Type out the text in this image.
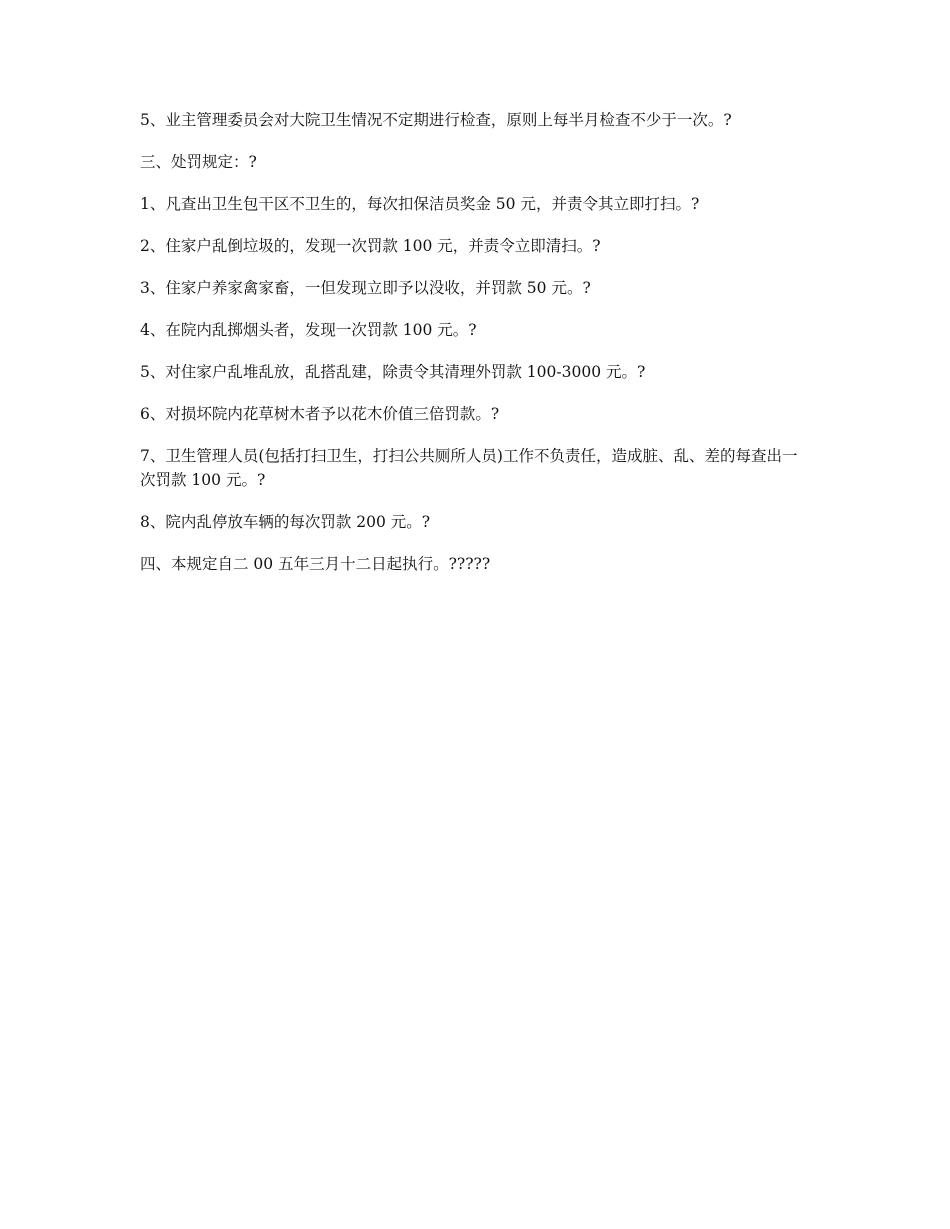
5、业主管理委员会对大院卫生情况不定期进行检查，原则上每半月检查不少于一次。?

三、处罚规定：?

1、凡查出卫生包干区不卫生的，每次扣保洁员奖金 50 元，并责令其立即打扫。?

2、住家户乱倒垃圾的，发现一次罚款 100 元，并责令立即清扫。?

3、住家户养家禽家畜，一但发现立即予以没收，并罚款 50 元。?

4、在院内乱掷烟头者，发现一次罚款 100 元。?

5、对住家户乱堆乱放，乱搭乱建，除责令其清理外罚款 100-3000 元。?

6、对损坏院内花草树木者予以花木价值三倍罚款。?

7、卫生管理人员(包括打扫卫生，打扫公共厕所人员)工作不负责任，造成脏、乱、差的每查出一次罚款 100 元。?

8、院内乱停放车辆的每次罚款 200 元。?

四、本规定自二 00 五年三月十二日起执行。?????
